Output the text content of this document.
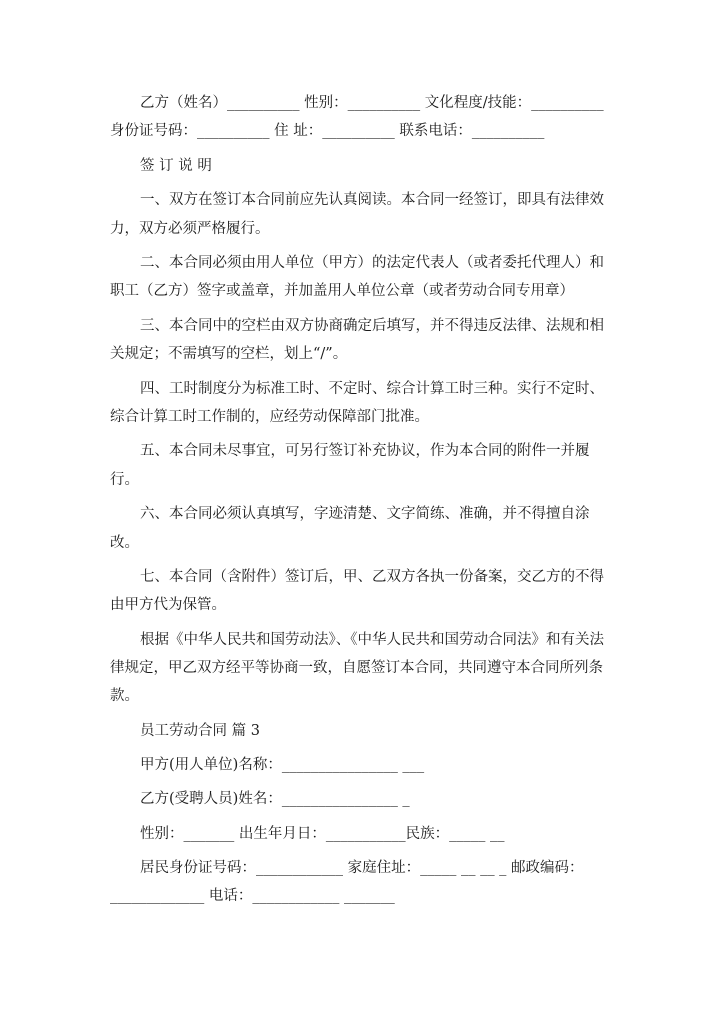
乙方（姓名）__________ 性别：__________ 文化程度/技能：__________
身份证号码：__________ 住 址：__________ 联系电话：__________
签 订 说 明
一、双方在签订本合同前应先认真阅读。本合同一经签订，即具有法律效
力，双方必须严格履行。
二、本合同必须由用人单位（甲方）的法定代表人（或者委托代理人）和
职工（乙方）签字或盖章，并加盖用人单位公章（或者劳动合同专用章）
三、本合同中的空栏由双方协商确定后填写，并不得违反法律、法规和相
关规定；不需填写的空栏，划上“/”。
四、工时制度分为标准工时、不定时、综合计算工时三种。实行不定时、
综合计算工时工作制的，应经劳动保障部门批准。
五、本合同未尽事宜，可另行签订补充协议，作为本合同的附件一并履
行。
六、本合同必须认真填写，字迹清楚、文字简练、准确，并不得擅自涂
改。
七、本合同（含附件）签订后，甲、乙双方各执一份备案，交乙方的不得
由甲方代为保管。
根据《中华人民共和国劳动法》、《中华人民共和国劳动合同法》和有关法
律规定，甲乙双方经平等协商一致，自愿签订本合同，共同遵守本合同所列条
款。
员工劳动合同 篇 3
甲方(用人单位)名称：________________ ___
乙方(受聘人员)姓名：________________ _
性别：_______ 出生年月日：___________民族：_____ __
居民身份证号码：____________ 家庭住址：_____ __ __ _ 邮政编码：
_____________ 电话：____________ _______
